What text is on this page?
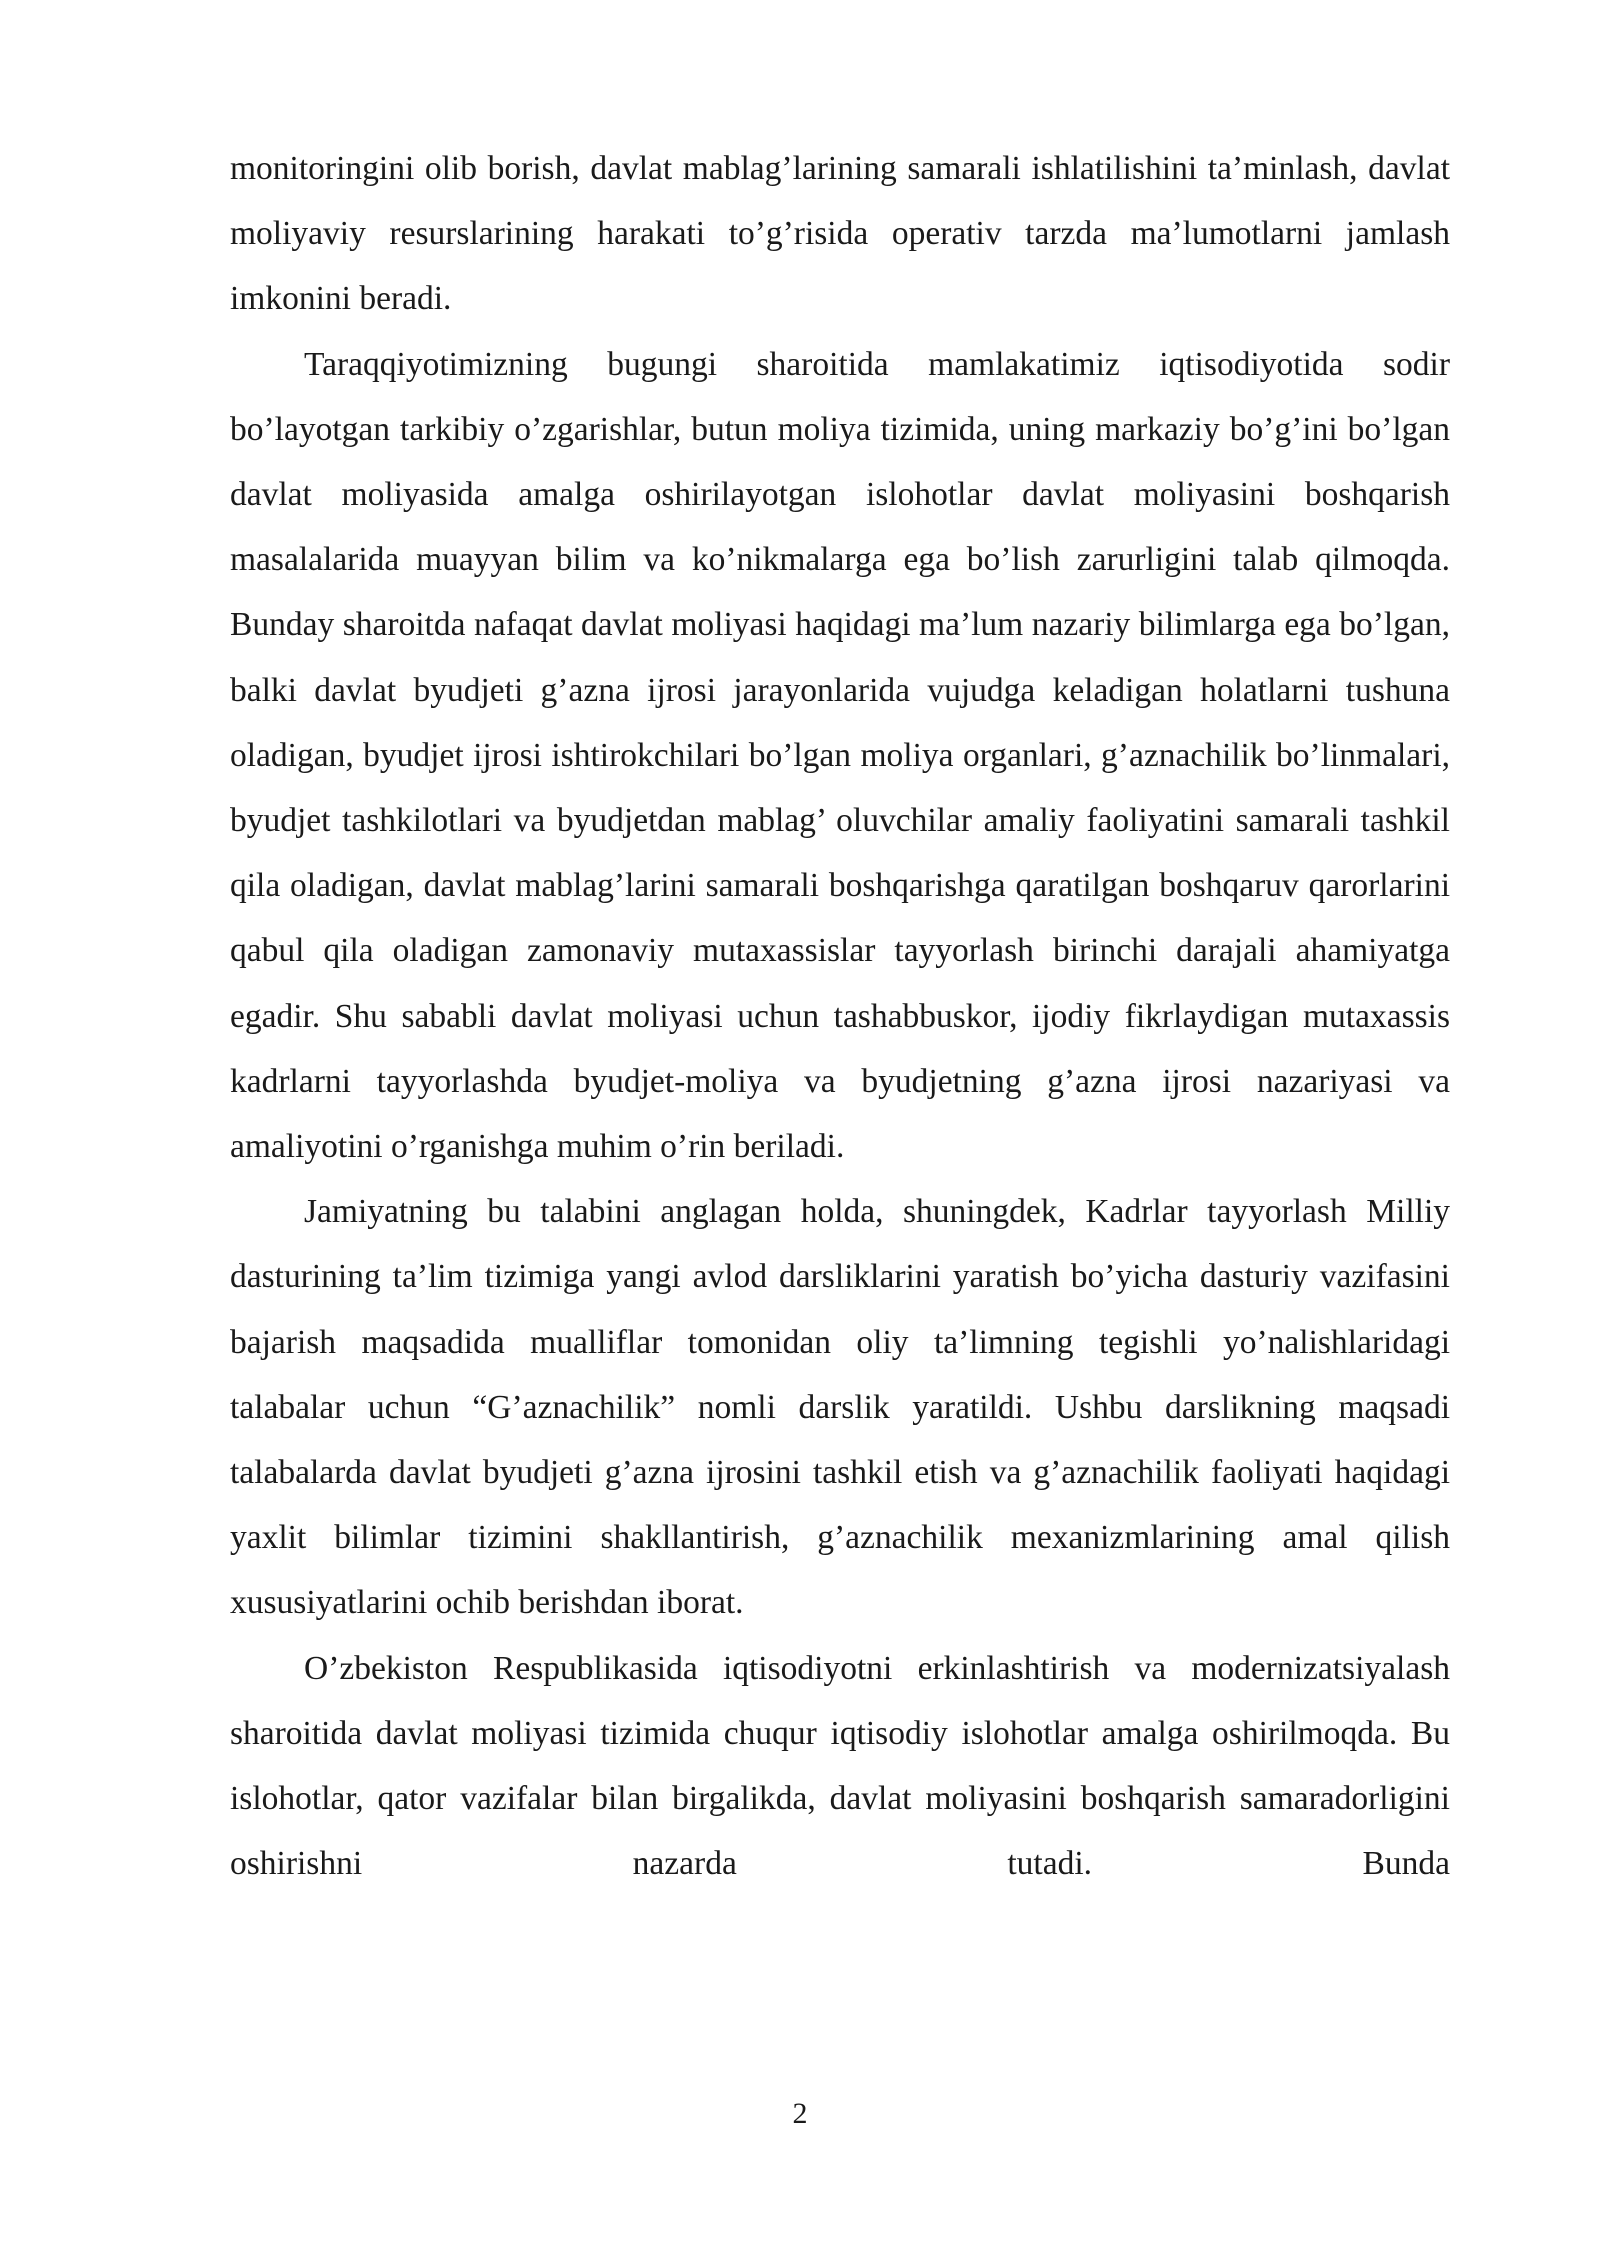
monitoringini olib borish, davlat mablag’larining samarali ishlatilishini ta’minlash, davlat moliyaviy resurslarining harakati to’g’risida operativ tarzda ma’lumotlarni jamlash imkonini beradi.

Taraqqiyotimizning bugungi sharoitida mamlakatimiz iqtisodiyotida sodir bo’layotgan tarkibiy o’zgarishlar, butun moliya tizimida, uning markaziy bo’g’ini bo’lgan davlat moliyasida amalga oshirilayotgan islohotlar davlat moliyasini boshqarish masalalarida muayyan bilim va ko’nikmalarga ega bo’lish zarurligini talab qilmoqda. Bunday sharoitda nafaqat davlat moliyasi haqidagi ma’lum nazariy bilimlarga ega bo’lgan, balki davlat byudjeti g’azna ijrosi jarayonlarida vujudga keladigan holatlarni tushuna oladigan, byudjet ijrosi ishtirokchilari bo’lgan moliya organlari, g’aznachilik bo’linmalari, byudjet tashkilotlari va byudjetdan mablag’ oluvchilar amaliy faoliyatini samarali tashkil qila oladigan, davlat mablag’larini samarali boshqarishga qaratilgan boshqaruv qarorlarini qabul qila oladigan zamonaviy mutaxassislar tayyorlash birinchi darajali ahamiyatga egadir. Shu sababli davlat moliyasi uchun tashabbuskor, ijodiy fikrlaydigan mutaxassis kadrlarni tayyorlashda byudjet-moliya va byudjetning g’azna ijrosi nazariyasi va amaliyotini o’rganishga muhim o’rin beriladi.

Jamiyatning bu talabini anglagan holda, shuningdek, Kadrlar tayyorlash Milliy dasturining ta’lim tizimiga yangi avlod darsliklarini yaratish bo’yicha dasturiy vazifasini bajarish maqsadida mualliflar tomonidan oliy ta’limning tegishli yo’nalishlaridagi talabalar uchun “G’aznachilik” nomli darslik yaratildi. Ushbu darslikning maqsadi talabalarda davlat byudjeti g’azna ijrosini tashkil etish va g’aznachilik faoliyati haqidagi yaxlit bilimlar tizimini shakllantirish, g’aznachilik mexanizmlarining amal qilish xususiyatlarini ochib berishdan iborat.

O’zbekiston Respublikasida iqtisodiyotni erkinlashtirish va modernizatsiyalash sharoitida davlat moliyasi tizimida chuqur iqtisodiy islohotlar amalga oshirilmoqda. Bu islohotlar, qator vazifalar bilan birgalikda, davlat moliyasini boshqarish samaradorligini oshirishni nazarda tutadi. Bunda

2
